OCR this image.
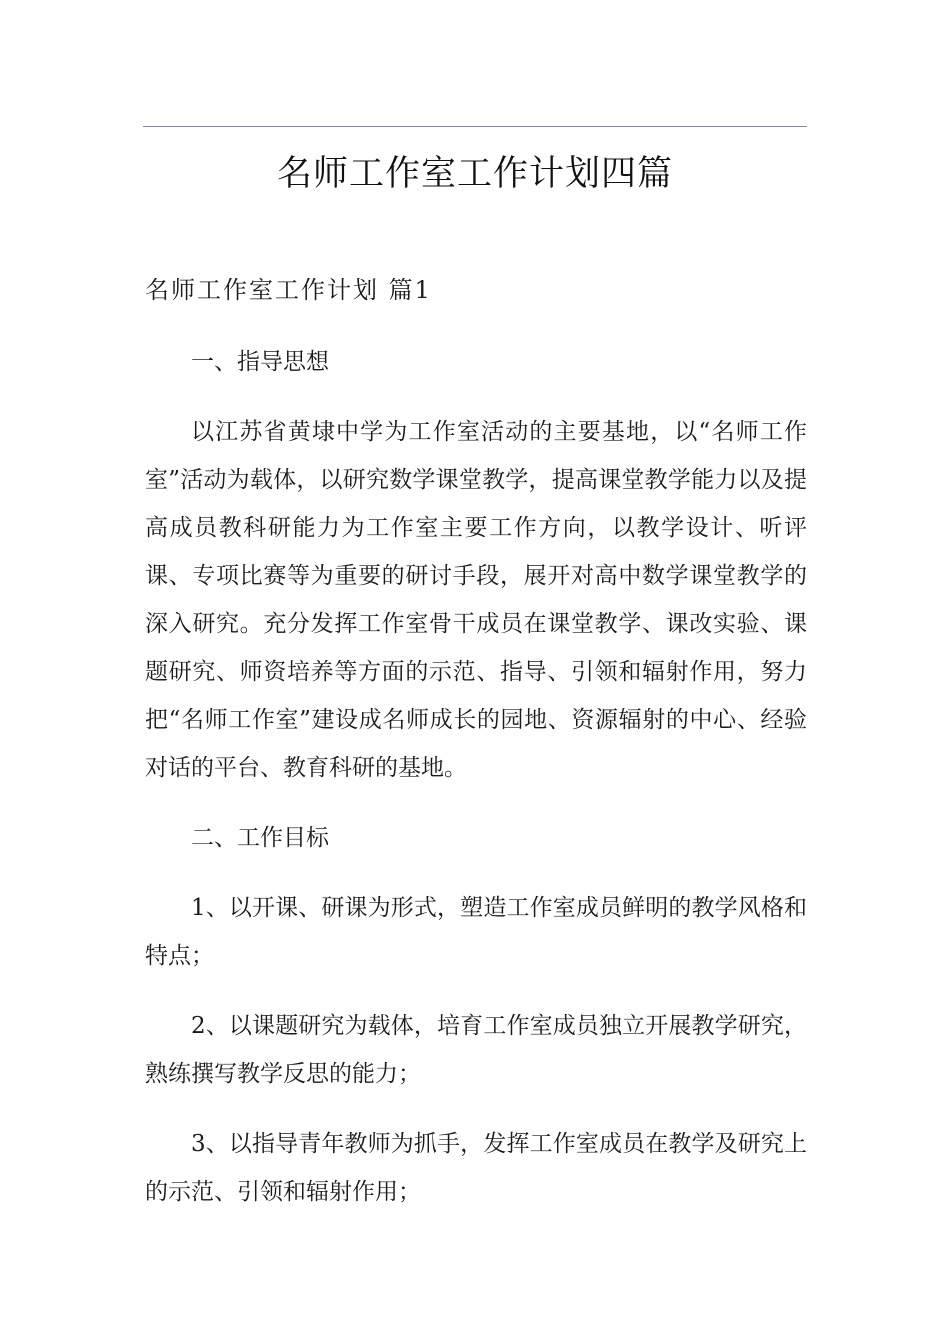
名师工作室工作计划四篇
名师工作室工作计划 篇1

一、指导思想

以江苏省黄埭中学为工作室活动的主要基地，以“名师工作室”活动为载体，以研究数学课堂教学，提高课堂教学能力以及提高成员教科研能力为工作室主要工作方向，以教学设计、听评课、专项比赛等为重要的研讨手段，展开对高中数学课堂教学的深入研究。充分发挥工作室骨干成员在课堂教学、课改实验、课题研究、师资培养等方面的示范、指导、引领和辐射作用，努力把“名师工作室”建设成名师成长的园地、资源辐射的中心、经验对话的平台、教育科研的基地。

二、工作目标

1、以开课、研课为形式，塑造工作室成员鲜明的教学风格和特点；

2、以课题研究为载体，培育工作室成员独立开展教学研究，熟练撰写教学反思的能力；

3、以指导青年教师为抓手，发挥工作室成员在教学及研究上的示范、引领和辐射作用；
